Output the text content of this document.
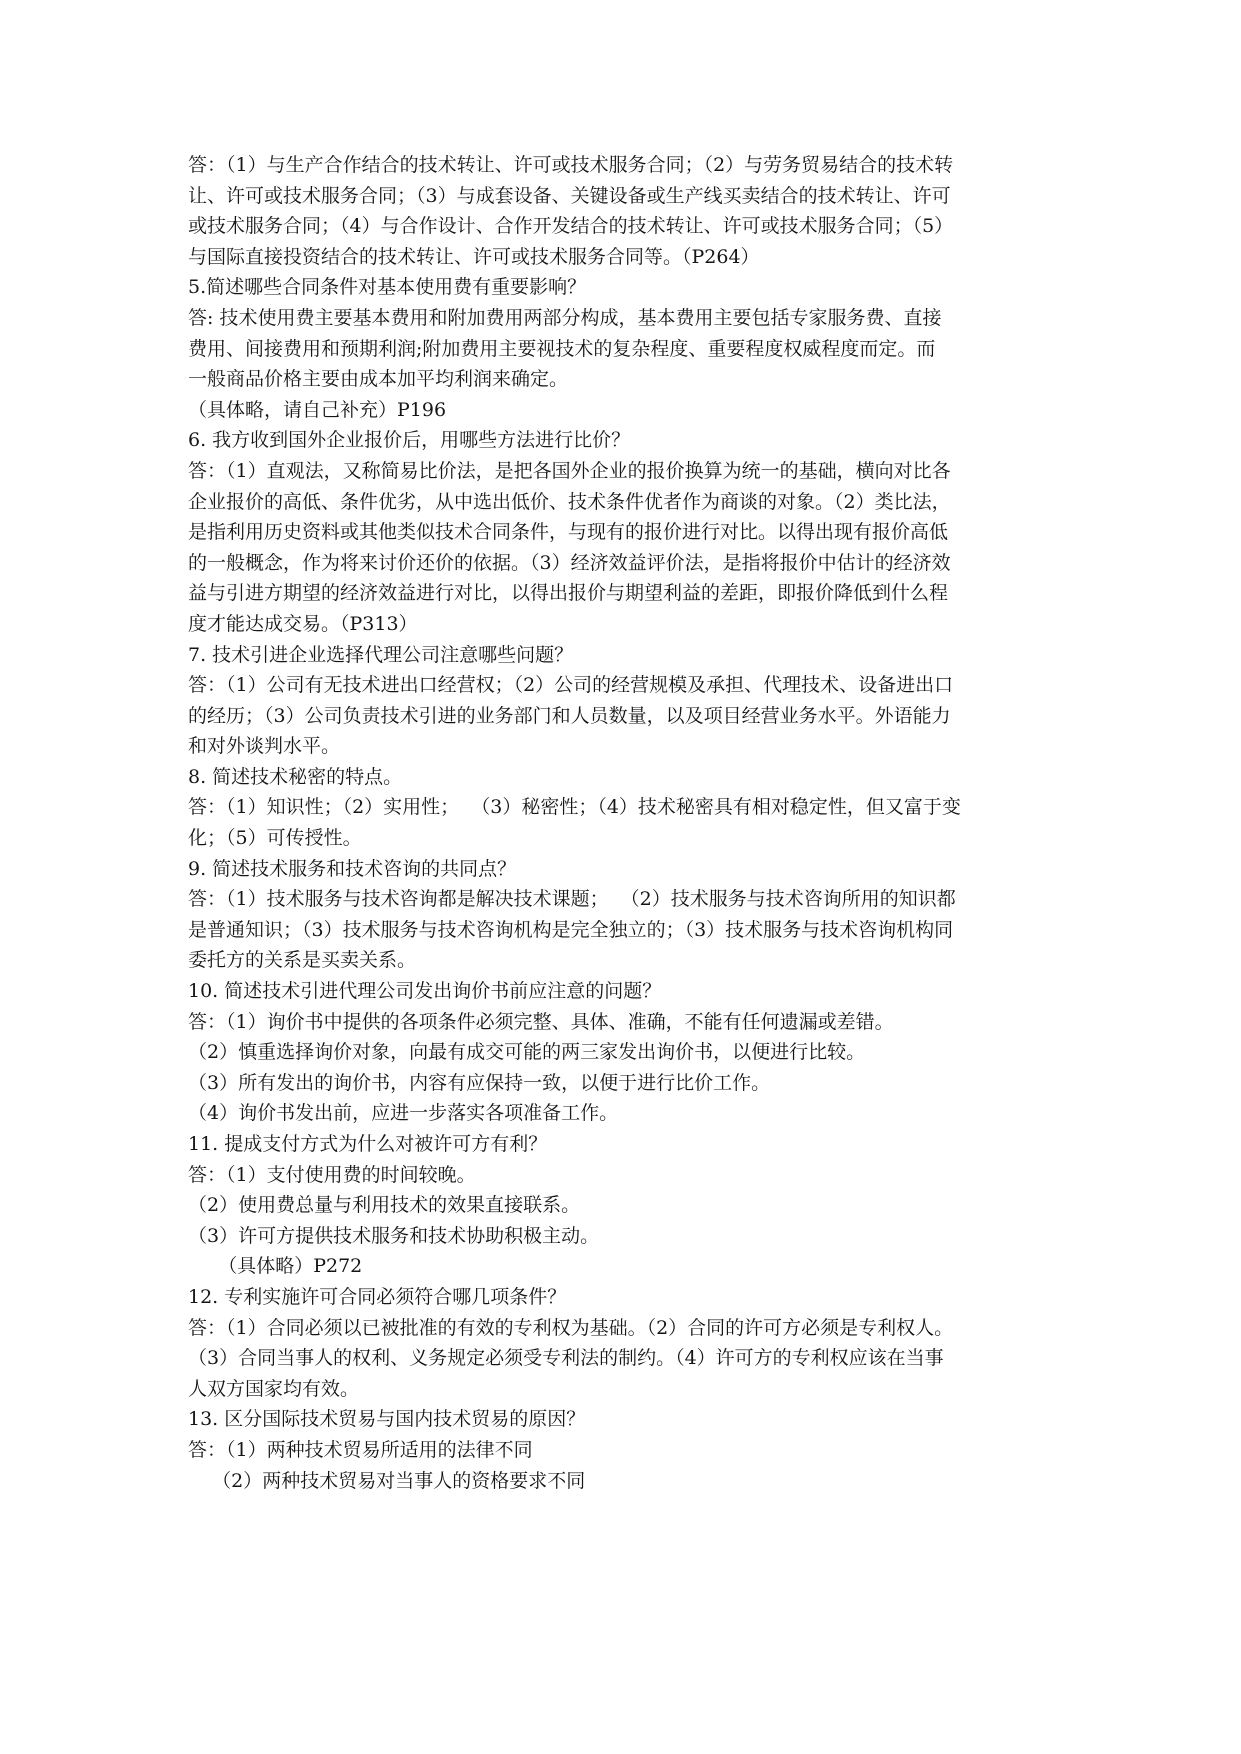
答：（1）与生产合作结合的技术转让、许可或技术服务合同；（2）与劳务贸易结合的技术转
让、许可或技术服务合同；（3）与成套设备、关键设备或生产线买卖结合的技术转让、许可
或技术服务合同；（4）与合作设计、合作开发结合的技术转让、许可或技术服务合同；（5）
与国际直接投资结合的技术转让、许可或技术服务合同等。（P264）
5.简述哪些合同条件对基本使用费有重要影响？
答: 技术使用费主要基本费用和附加费用两部分构成，基本费用主要包括专家服务费、直接
费用、间接费用和预期利润;附加费用主要视技术的复杂程度、重要程度权威程度而定。而
一般商品价格主要由成本加平均利润来确定。
（具体略，请自己补充）P196
6. 我方收到国外企业报价后，用哪些方法进行比价？
答：（1）直观法，又称简易比价法，是把各国外企业的报价换算为统一的基础，横向对比各
企业报价的高低、条件优劣，从中选出低价、技术条件优者作为商谈的对象。（2）类比法，
是指利用历史资料或其他类似技术合同条件，与现有的报价进行对比。以得出现有报价高低
的一般概念，作为将来讨价还价的依据。（3）经济效益评价法，是指将报价中估计的经济效
益与引进方期望的经济效益进行对比，以得出报价与期望利益的差距，即报价降低到什么程
度才能达成交易。（P313）
7. 技术引进企业选择代理公司注意哪些问题？
答：（1）公司有无技术进出口经营权；（2）公司的经营规模及承担、代理技术、设备进出口
的经历；（3）公司负责技术引进的业务部门和人员数量，以及项目经营业务水平。外语能力
和对外谈判水平。
8. 简述技术秘密的特点。
答：（1）知识性；（2）实用性；  （3）秘密性；（4）技术秘密具有相对稳定性，但又富于变
化；（5）可传授性。
9. 简述技术服务和技术咨询的共同点？
答：（1）技术服务与技术咨询都是解决技术课题；  （2）技术服务与技术咨询所用的知识都
是普通知识；（3）技术服务与技术咨询机构是完全独立的；（3）技术服务与技术咨询机构同
委托方的关系是买卖关系。
10. 简述技术引进代理公司发出询价书前应注意的问题？
答：（1）询价书中提供的各项条件必须完整、具体、准确，不能有任何遗漏或差错。
（2）慎重选择询价对象，向最有成交可能的两三家发出询价书，以便进行比较。
（3）所有发出的询价书，内容有应保持一致，以便于进行比价工作。
（4）询价书发出前，应进一步落实各项准备工作。
11. 提成支付方式为什么对被许可方有利？
答：（1）支付使用费的时间较晚。
（2）使用费总量与利用技术的效果直接联系。
（3）许可方提供技术服务和技术协助积极主动。
（具体略）P272
12. 专利实施许可合同必须符合哪几项条件？
答：（1）合同必须以已被批准的有效的专利权为基础。（2）合同的许可方必须是专利权人。
（3）合同当事人的权利、义务规定必须受专利法的制约。（4）许可方的专利权应该在当事
人双方国家均有效。
13. 区分国际技术贸易与国内技术贸易的原因？
答：（1）两种技术贸易所适用的法律不同
（2）两种技术贸易对当事人的资格要求不同
